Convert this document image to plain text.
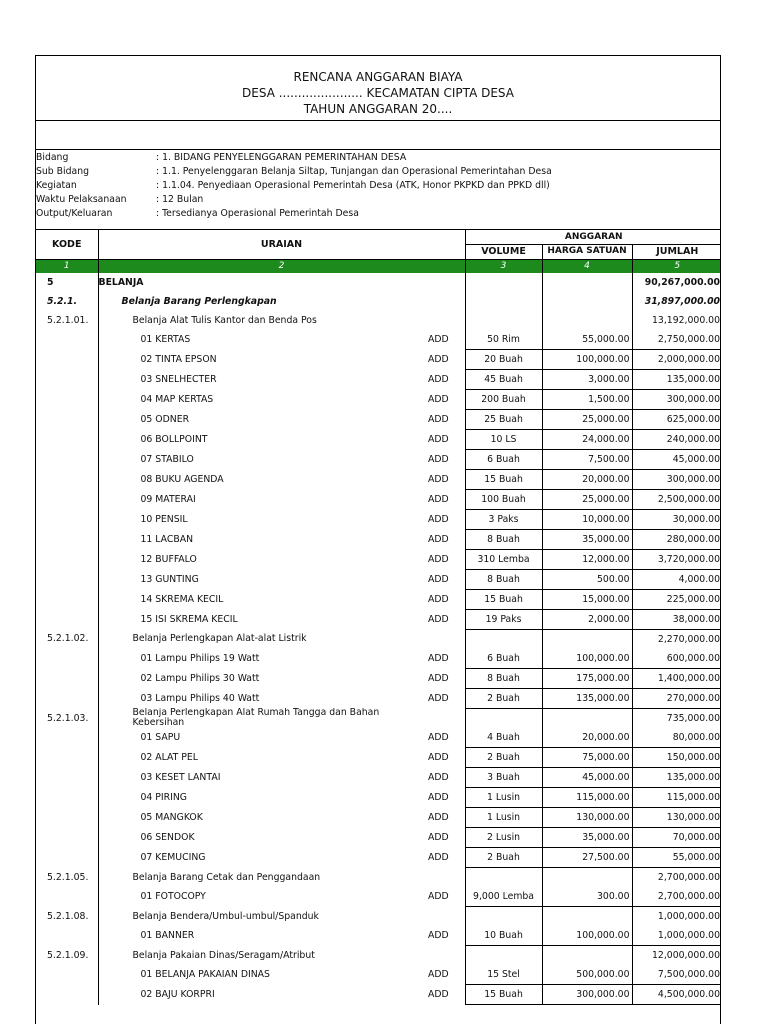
RENCANA ANGGARAN BIAYA
DESA ...................... KECAMATAN CIPTA DESA
TAHUN ANGGARAN 20....
Bidang	: 1. BIDANG PENYELENGGARAN PEMERINTAHAN DESA
Sub Bidang	: 1.1. Penyelenggaran Belanja Siltap, Tunjangan dan Operasional Pemerintahan Desa
Kegiatan	: 1.1.04. Penyediaan Operasional Pemerintah Desa (ATK, Honor PKPKD dan PPKD dll)
Waktu Pelaksanaan	: 12 Bulan
Output/Keluaran	: Tersedianya Operasional Pemerintah Desa
KODE	URAIAN		ANGGARAN		
			VOLUME	HARGA SATUAN	JUMLAH
1	2		3	4	5
5	BELANJA				90,267,000.00
5.2.1.	Belanja Barang Perlengkapan				31,897,000.00
5.2.1.01.	Belanja Alat Tulis Kantor dan Benda Pos				13,192,000.00
	01 KERTAS	ADD	50 Rim	55,000.00	2,750,000.00
	02 TINTA EPSON	ADD	20 Buah	100,000.00	2,000,000.00
	03 SNELHECTER	ADD	45 Buah	3,000.00	135,000.00
	04 MAP KERTAS	ADD	200 Buah	1,500.00	300,000.00
	05 ODNER	ADD	25 Buah	25,000.00	625,000.00
	06 BOLLPOINT	ADD	10 LS	24,000.00	240,000.00
	07 STABILO	ADD	6 Buah	7,500.00	45,000.00
	08 BUKU AGENDA	ADD	15 Buah	20,000.00	300,000.00
	09 MATERAI	ADD	100 Buah	25,000.00	2,500,000.00
	10 PENSIL	ADD	3 Paks	10,000.00	30,000.00
	11 LACBAN	ADD	8 Buah	35,000.00	280,000.00
	12 BUFFALO	ADD	310 Lemba	12,000.00	3,720,000.00
	13 GUNTING	ADD	8 Buah	500.00	4,000.00
	14 SKREMA KECIL	ADD	15 Buah	15,000.00	225,000.00
	15 ISI SKREMA KECIL	ADD	19 Paks	2,000.00	38,000.00
5.2.1.02.	Belanja Perlengkapan Alat-alat Listrik				2,270,000.00
	01 Lampu Philips 19 Watt	ADD	6 Buah	100,000.00	600,000.00
	02 Lampu Philips 30 Watt	ADD	8 Buah	175,000.00	1,400,000.00
	03 Lampu Philips 40 Watt	ADD	2 Buah	135,000.00	270,000.00
5.2.1.03.	Belanja Perlengkapan Alat Rumah Tangga dan Bahan Kebersihan				735,000.00
	01 SAPU	ADD	4 Buah	20,000.00	80,000.00
	02 ALAT PEL	ADD	2 Buah	75,000.00	150,000.00
	03 KESET LANTAI	ADD	3 Buah	45,000.00	135,000.00
	04 PIRING	ADD	1 Lusin	115,000.00	115,000.00
	05 MANGKOK	ADD	1 Lusin	130,000.00	130,000.00
	06 SENDOK	ADD	2 Lusin	35,000.00	70,000.00
	07 KEMUCING	ADD	2 Buah	27,500.00	55,000.00
5.2.1.05.	Belanja Barang Cetak dan Penggandaan				2,700,000.00
	01 FOTOCOPY	ADD	9,000 Lemba	300.00	2,700,000.00
5.2.1.08.	Belanja Bendera/Umbul-umbul/Spanduk				1,000,000.00
	01 BANNER	ADD	10 Buah	100,000.00	1,000,000.00
5.2.1.09.	Belanja Pakaian Dinas/Seragam/Atribut				12,000,000.00
	01 BELANJA PAKAIAN DINAS	ADD	15 Stel	500,000.00	7,500,000.00
	02 BAJU KORPRI	ADD	15 Buah	300,000.00	4,500,000.00
